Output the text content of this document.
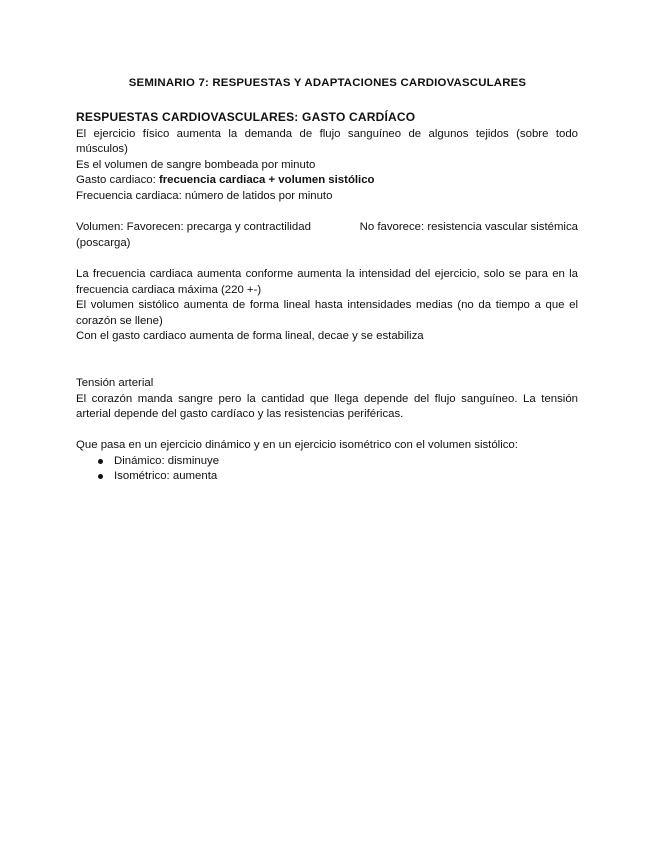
SEMINARIO 7: RESPUESTAS Y ADAPTACIONES CARDIOVASCULARES

RESPUESTAS CARDIOVASCULARES: GASTO CARDÍACO

El ejercicio físico aumenta la demanda de flujo sanguíneo de algunos tejidos (sobre todo músculos)

Es el volumen de sangre bombeada por minuto

Gasto cardiaco: frecuencia cardiaca + volumen sistólico

Frecuencia cardiaca: número de latidos por minuto

Volumen: Favorecen: precarga y contractilidad	No favorece: resistencia vascular sistémica

(poscarga)

La frecuencia cardiaca aumenta conforme aumenta la intensidad del ejercicio, solo se para en la frecuencia cardiaca máxima (220 +-)

El volumen sistólico aumenta de forma lineal hasta intensidades medias (no da tiempo a que el corazón se llene)

Con el gasto cardiaco aumenta de forma lineal, decae y se estabiliza

Tensión arterial

El corazón manda sangre pero la cantidad que llega depende del flujo sanguíneo. La tensión arterial depende del gasto cardíaco y las resistencias periféricas.

Que pasa en un ejercicio dinámico y en un ejercicio isométrico con el volumen sistólico:

Dinámico: disminuye
Isométrico: aumenta
